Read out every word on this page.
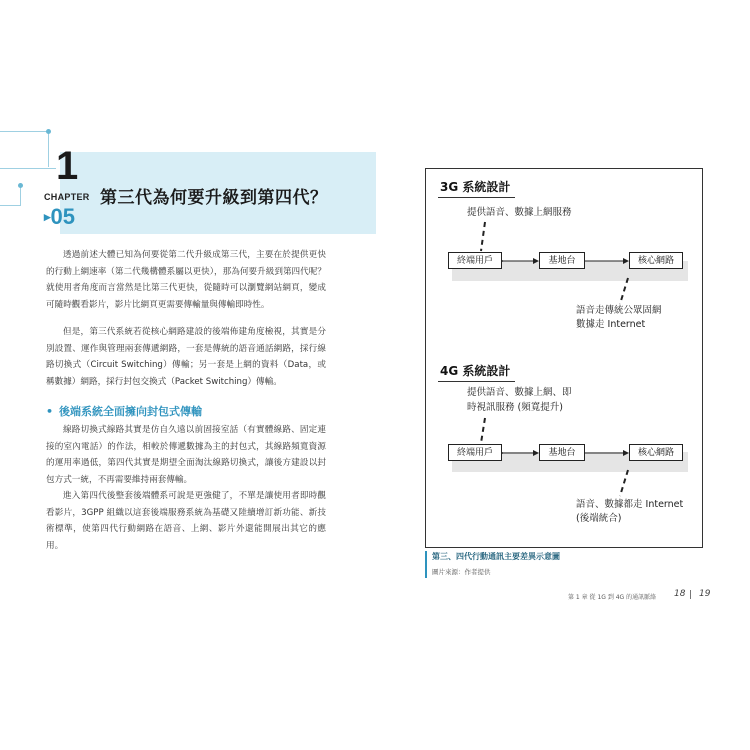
1
CHAPTER
▸05
第三代為何要升級到第四代？

透過前述大體已知為何要從第二代升級成第三代，主要在於提供更快的行動上網速率（第二代幾構體系屬以更快），那為何要升級到第四代呢？就使用者角度而言當然是比第三代更快，從隨時可以瀏覽網站網頁，變成可隨時觀看影片，影片比網頁更需要傳輸量與傳輸即時性。

但是，第三代系統若從核心網路建設的後端佈建角度檢視，其實是分別設置、運作與管理兩套傳遞網路，一套是傳統的語音通話網路，採行線路切換式（Circuit Switching）傳輸；另一套是上網的資料（Data，或稱數據）網路，採行封包交換式（Packet Switching）傳輸。

• 後端系統全面擁向封包式傳輸

線路切換式線路其實是仿自久遠以前固接室話（有實體線路、固定連接的室內電話）的作法，相較於傳遞數據為主的封包式，其線路頻寬資源的運用率過低，第四代其實是期望全面淘汰線路切換式，讓後方建設以封包方式一統，不再需要維持兩套傳輸。

進入第四代後整套後端體系可說是更強健了，不單是讓使用者即時觀看影片，3GPP 組織以這套後端服務系統為基礎又陸續增訂新功能、新技術標準，使第四代行動網路在語音、上網、影片外還能開展出其它的應用。

3G 系統設計
提供語音、數據上網服務
4G 系統設計
提供語音、數據上網、即
時視訊服務 (頻寬提升)
終端用戶	基地台	核心網路
語音走傳統公眾固網
數據走 Internet
終端用戶	基地台	核心網路
語音、數據都走 Internet
(後端統合)
第三、四代行動通訊主要差異示意圖
圖片來源：作者提供
第 1 章 從 1G 到 4G 的通訊脈絡 18 19
